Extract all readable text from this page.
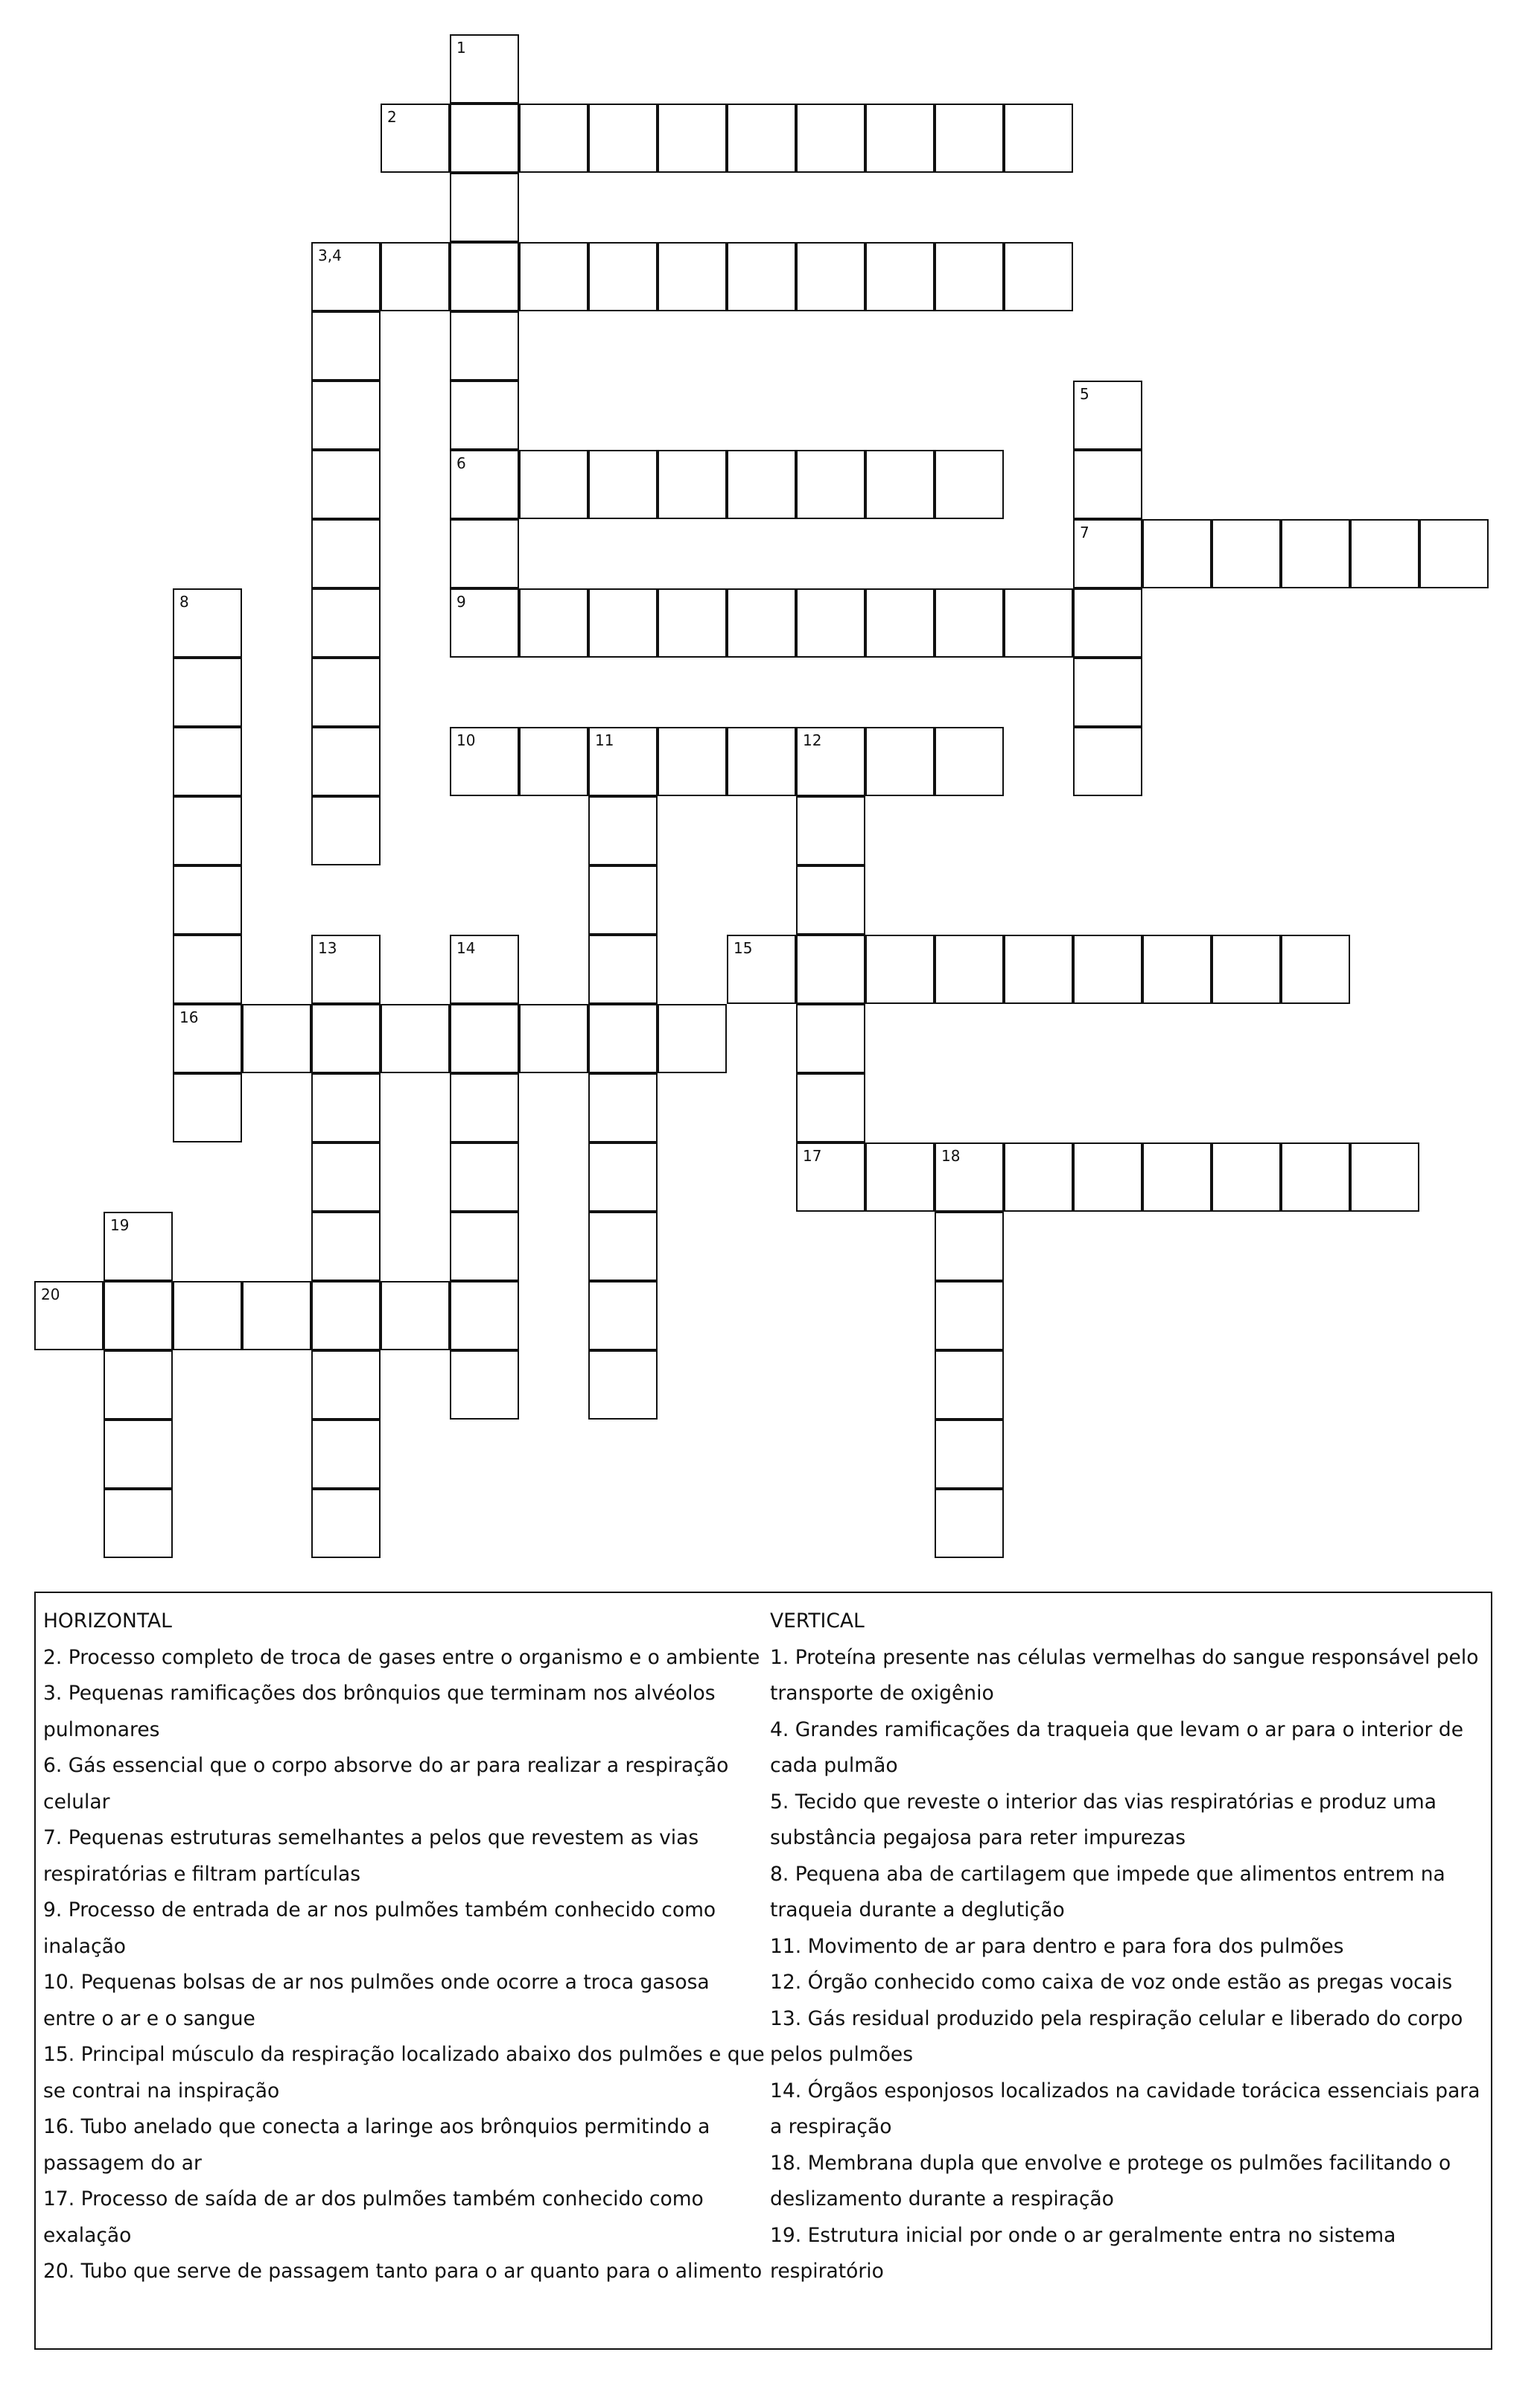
1
6
9
2
3,4
5
7
8
16
10	11	12
17
13	14	15
18
19
20
HORIZONTAL
2. Processo completo de troca de gases entre o organismo e o ambiente
3. Pequenas ramificações dos brônquios que terminam nos alvéolos pulmonares
6. Gás essencial que o corpo absorve do ar para realizar a respiração celular
7. Pequenas estruturas semelhantes a pelos que revestem as vias respiratórias e filtram partículas
9. Processo de entrada de ar nos pulmões também conhecido como inalação
10. Pequenas bolsas de ar nos pulmões onde ocorre a troca gasosa entre o ar e o sangue
15. Principal músculo da respiração localizado abaixo dos pulmões e que se contrai na inspiração
16. Tubo anelado que conecta a laringe aos brônquios permitindo a passagem do ar
17. Processo de saída de ar dos pulmões também conhecido como exalação
20. Tubo que serve de passagem tanto para o ar quanto para o alimento
VERTICAL
1. Proteína presente nas células vermelhas do sangue responsável pelo transporte de oxigênio
4. Grandes ramificações da traqueia que levam o ar para o interior de cada pulmão
5. Tecido que reveste o interior das vias respiratórias e produz uma substância pegajosa para reter impurezas
8. Pequena aba de cartilagem que impede que alimentos entrem na traqueia durante a deglutição
11. Movimento de ar para dentro e para fora dos pulmões
12. Órgão conhecido como caixa de voz onde estão as pregas vocais
13. Gás residual produzido pela respiração celular e liberado do corpo pelos pulmões
14. Órgãos esponjosos localizados na cavidade torácica essenciais para a respiração
18. Membrana dupla que envolve e protege os pulmões facilitando o deslizamento durante a respiração
19. Estrutura inicial por onde o ar geralmente entra no sistema respiratório
